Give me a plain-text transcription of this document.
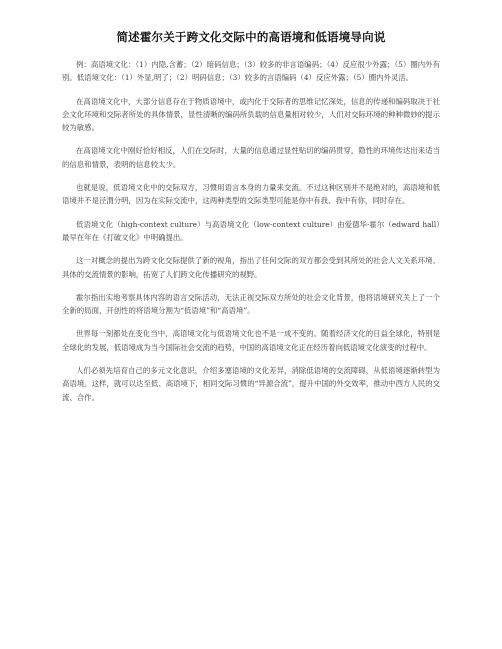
简述霍尔关于跨文化交际中的高语境和低语境导向说

例：高语境文化：（1）内隐,含蓄；（2）暗码信息；（3）较多的非言语编码；（4）反应很少外露；（5）圈内外有别。低语境文化：（1）外显,明了；（2）明码信息；（3）较多的言语编码（4）反应外露；（5）圈内外灵活。

在高语境文化中，大部分信息存在于物质语境中，或内化于交际者的思维记忆深处，信息的传递和编码取决于社会文化环境和交际者所处的具体情景，显性清晰的编码所负载的信息量相对较少，人们对交际环境的种种微妙的提示较为敏感。

在高语境文化中刚好恰好相反，人们在交际时，大量的信息通过显性贴切的编码贯穿，隐性的环境传达出来适当的信息和情景，表明的信息较太少。

也就是说，低语境文化中的交际双方，习惯用语言本身的力量来交流。不过这种区别并不是绝对的，高语境和低语境并不是泾渭分明，因为在实际交流中，这两种类型的交际类型可能是你中有我、我中有你，同时存在。

低语境文化（high-context culture）与高语境文化（low-context culture）由爱德华·霍尔（edward hall）最早在年在《打破文化》中明确提出。

这一对概念的提出为跨文化交际提供了新的视角，指出了任何交际的双方都会受到其所处的社会人文关系环境、具体的交流情景的影响，拓宽了人们跨文化传播研究的视野。

霍尔指出实地考察具体内容的语言交际活动，无法正视交际双方所处的社会文化背景，他将语境研究关上了一个全新的局面，开创性的将语境分割为“低语境”和“高语境”。

世界每一刻都处在变化当中，高语境文化与低语境文化也不是一成不变的。随着经济文化的日益全球化，特别是全球化的发展，低语境成为当今国际社会交流的趋势，中国的高语境文化正在经历着向低语境文化演变的过程中。

人们必须先培育自己的多元文化意识，介绍多塞语境的文化差异，消除低语境的交流障碍，从低语境逐渐转型为高语境。这样，就可以达至低、高语境下，相同交际习惯的“异源合流”，提升中国的外交效率，推动中西方人民的交流、合作。
